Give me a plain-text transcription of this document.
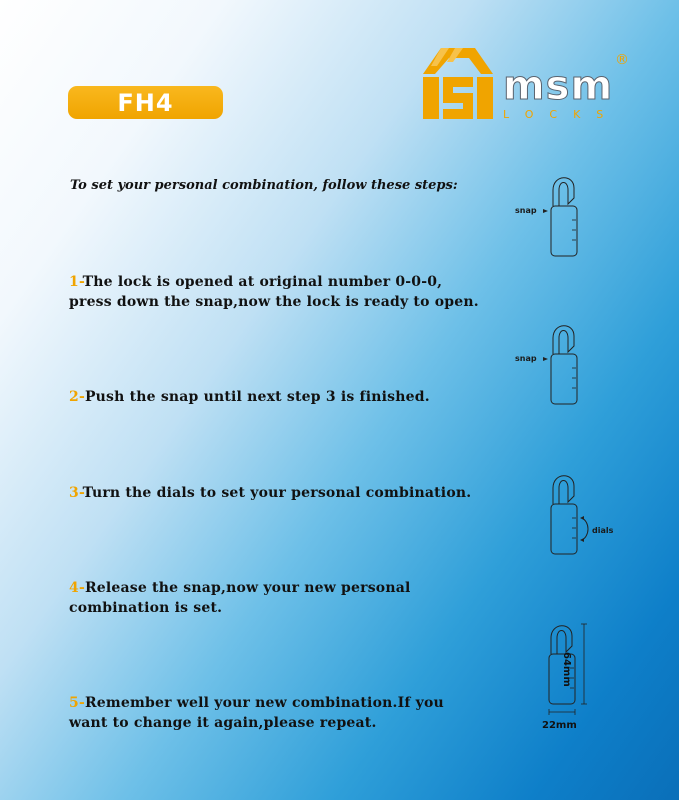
FH4	msm
LOCKS
®
To set your personal combination, follow these steps:
1-The lock is opened at original number 0-0-0,
press down the snap,now the lock is ready to open.
2-Push the snap until next step 3 is finished.
3-Turn the dials to set your personal combination.
4-Release the snap,now your new personal
combination is set.
5-Remember well your new combination.If you
want to change it again,please repeat.
snap
snap
dials
64mm
22mm
